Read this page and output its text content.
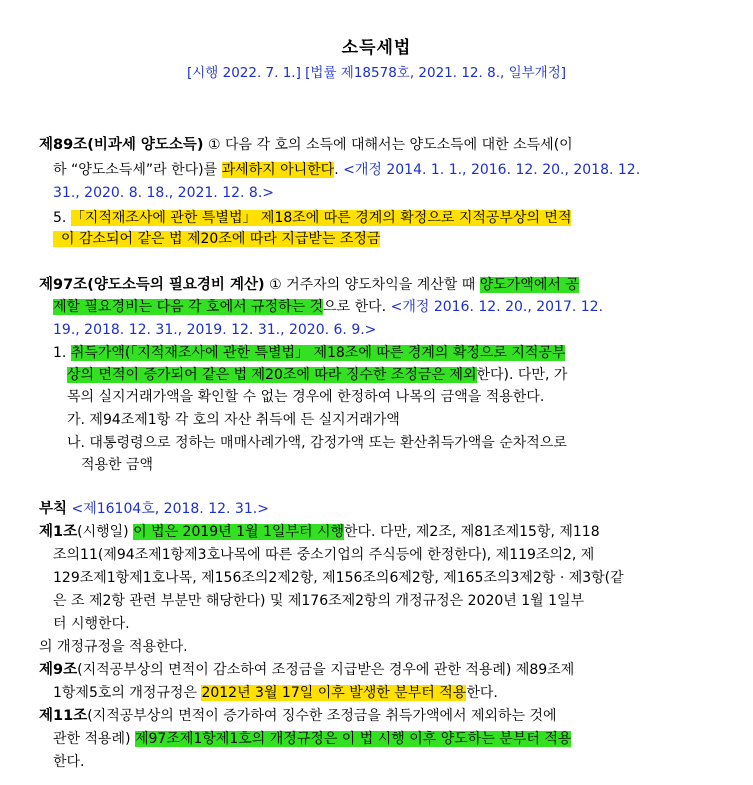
소득세법
[시행 2022. 7. 1.] [법률 제18578호, 2021. 12. 8., 일부개정]
제89조(비과세 양도소득) ① 다음 각 호의 소득에 대해서는 양도소득에 대한 소득세(이
하 “양도소득세”라 한다)를 과세하지 아니한다. <개정 2014. 1. 1., 2016. 12. 20., 2018. 12.
31., 2020. 8. 18., 2021. 12. 8.>
5. 「지적재조사에 관한 특별법」 제18조에 따른 경계의 확정으로 지적공부상의 면적
이 감소되어 같은 법 제20조에 따라 지급받는 조정금
제97조(양도소득의 필요경비 계산) ① 거주자의 양도차익을 계산할 때 양도가액에서 공
제할 필요경비는 다음 각 호에서 규정하는 것으로 한다. <개정 2016. 12. 20., 2017. 12.
19., 2018. 12. 31., 2019. 12. 31., 2020. 6. 9.>
1. 취득가액(「지적재조사에 관한 특별법」 제18조에 따른 경계의 확정으로 지적공부
상의 면적이 증가되어 같은 법 제20조에 따라 징수한 조정금은 제외한다). 다만, 가
목의 실지거래가액을 확인할 수 없는 경우에 한정하여 나목의 금액을 적용한다.
가. 제94조제1항 각 호의 자산 취득에 든 실지거래가액
나. 대통령령으로 정하는 매매사례가액, 감정가액 또는 환산취득가액을 순차적으로
적용한 금액
부칙 <제16104호, 2018. 12. 31.>
제1조(시행일) 이 법은 2019년 1월 1일부터 시행한다. 다만, 제2조, 제81조제15항, 제118
조의11(제94조제1항제3호나목에 따른 중소기업의 주식등에 한정한다), 제119조의2, 제
129조제1항제1호나목, 제156조의2제2항, 제156조의6제2항, 제165조의3제2항 · 제3항(같
은 조 제2항 관련 부분만 해당한다) 및 제176조제2항의 개정규정은 2020년 1월 1일부
터 시행한다.
의 개정규정을 적용한다.
제9조(지적공부상의 면적이 감소하여 조정금을 지급받은 경우에 관한 적용례) 제89조제
1항제5호의 개정규정은 2012년 3월 17일 이후 발생한 분부터 적용한다.
제11조(지적공부상의 면적이 증가하여 징수한 조정금을 취득가액에서 제외하는 것에
관한 적용례) 제97조제1항제1호의 개정규정은 이 법 시행 이후 양도하는 분부터 적용
한다.
